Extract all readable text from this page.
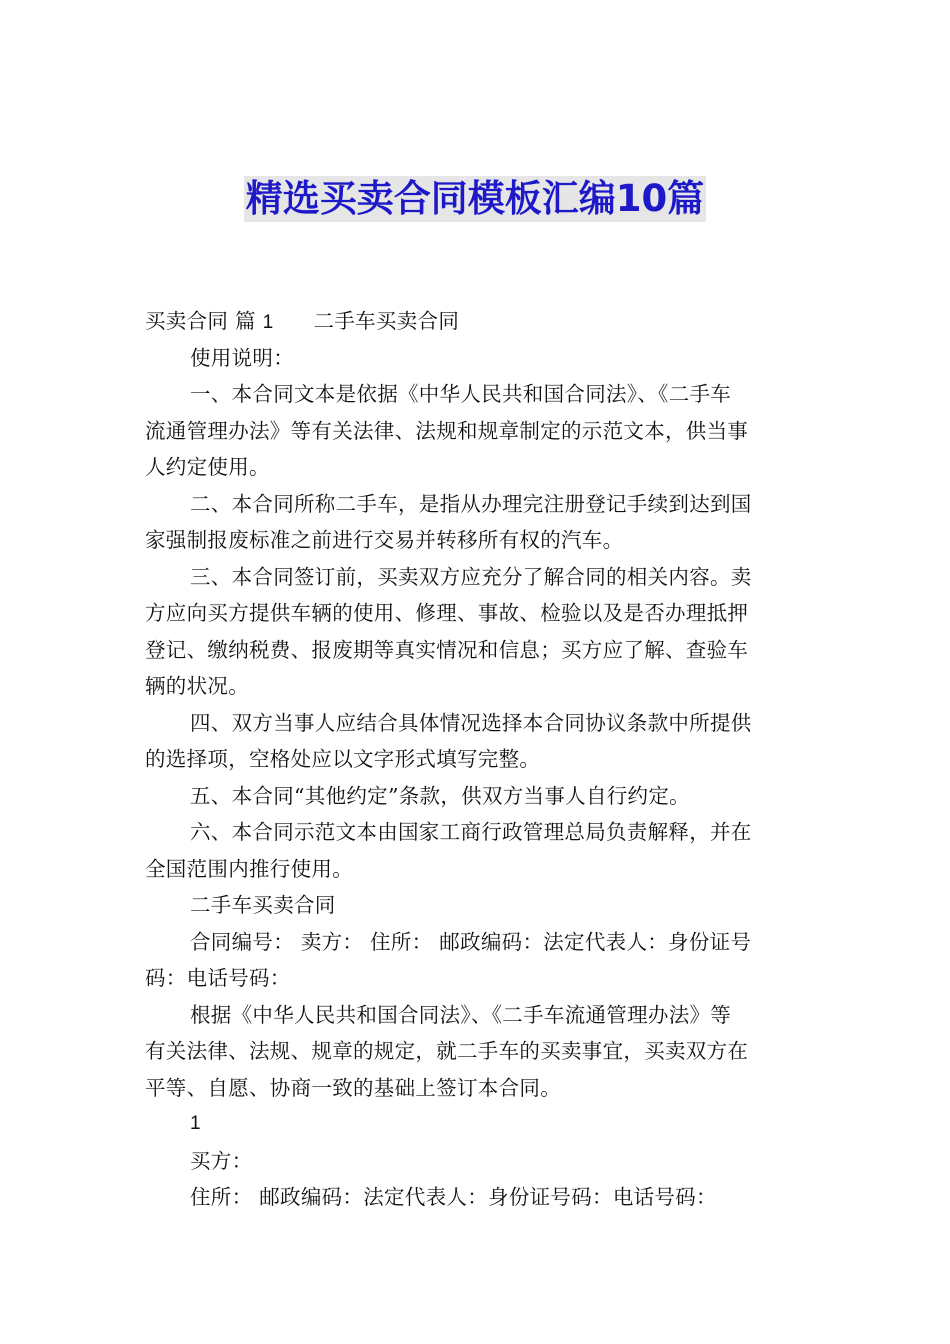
精选买卖合同模板汇编10篇
买卖合同 篇 1 二手车买卖合同
使用说明：
一、本合同文本是依据《中华人民共和国合同法》、《二手车
流通管理办法》等有关法律、法规和规章制定的示范文本，供当事
人约定使用。
二、本合同所称二手车，是指从办理完注册登记手续到达到国
家强制报废标准之前进行交易并转移所有权的汽车。
三、本合同签订前，买卖双方应充分了解合同的相关内容。卖
方应向买方提供车辆的使用、修理、事故、检验以及是否办理抵押
登记、缴纳税费、报废期等真实情况和信息；买方应了解、查验车
辆的状况。
四、双方当事人应结合具体情况选择本合同协议条款中所提供
的选择项，空格处应以文字形式填写完整。
五、本合同“其他约定”条款，供双方当事人自行约定。
六、本合同示范文本由国家工商行政管理总局负责解释，并在
全国范围内推行使用。
二手车买卖合同
合同编号： 卖方： 住所： 邮政编码：法定代表人：身份证号
码：电话号码：
根据《中华人民共和国合同法》、《二手车流通管理办法》等
有关法律、法规、规章的规定，就二手车的买卖事宜，买卖双方在
平等、自愿、协商一致的基础上签订本合同。
1
买方：
住所： 邮政编码：法定代表人：身份证号码：电话号码：
